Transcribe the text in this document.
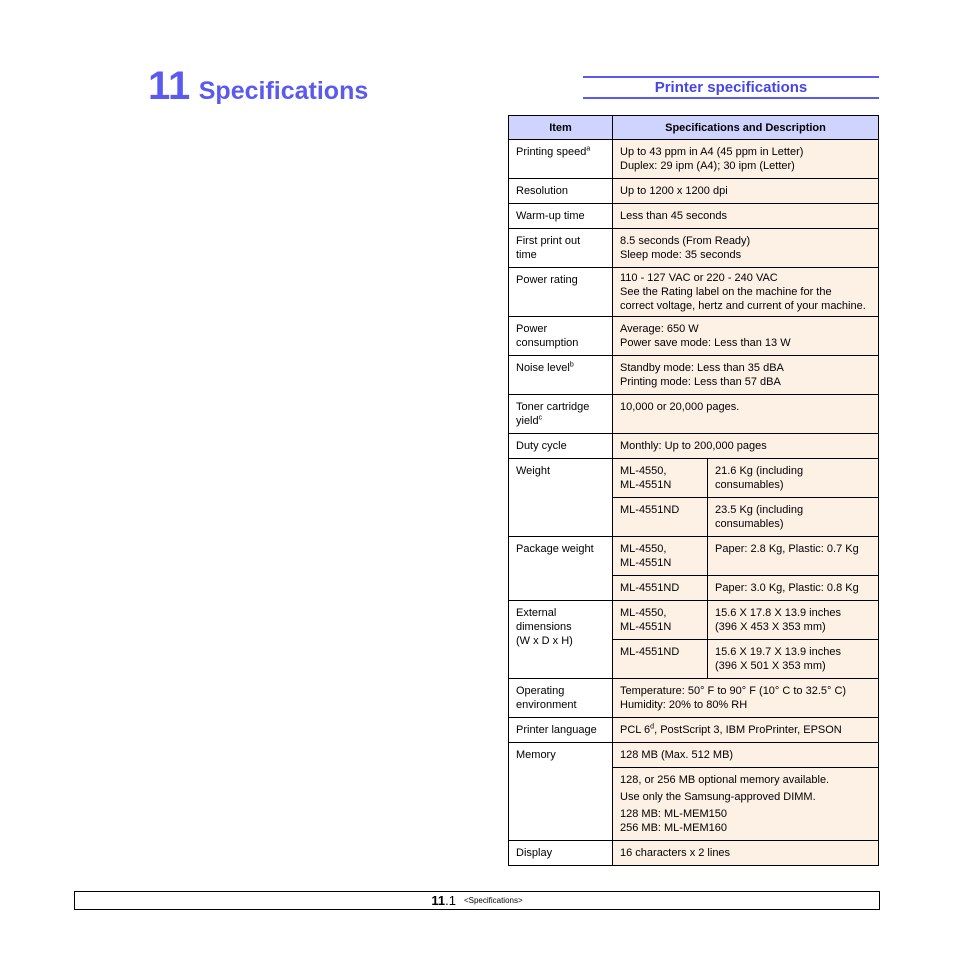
11 Specifications	Printer specifications
Item	Specifications and Description	
Printing speed$^a$	Up to 43 ppm in A4 (45 ppm in Letter)
Duplex: 29 ipm (A4); 30 ipm (Letter)	
Resolution	Up to 1200 x 1200 dpi	
Warm-up time	Less than 45 seconds	
First print out
time	8.5 seconds (From Ready)
Sleep mode: 35 seconds	
Power rating	110 - 127 VAC or 220 - 240 VAC
See the Rating label on the machine for the
correct voltage, hertz and current of your machine.	
Power
consumption	Average: 650 W
Power save mode: Less than 13 W	
Noise level$^b$	Standby mode: Less than 35 dBA
Printing mode: Less than 57 dBA	
Toner cartridge
yield$^c$	10,000 or 20,000 pages.	
Duty cycle	Monthly: Up to 200,000 pages	
Weight	ML-4550,
ML-4551N	21.6 Kg (including
consumables)
	ML-4551ND	23.5 Kg (including
consumables)
Package weight	ML-4550,
ML-4551N	Paper: 2.8 Kg, Plastic: 0.7 Kg
	ML-4551ND	Paper: 3.0 Kg, Plastic: 0.8 Kg
External
dimensions
(W x D x H)	ML-4550,
ML-4551N	15.6 X 17.8 X 13.9 inches
(396 X 453 X 353 mm)
	ML-4551ND	15.6 X 19.7 X 13.9 inches
(396 X 501 X 353 mm)
Operating
environment	Temperature: 50° F to 90° F (10° C to 32.5° C)
Humidity: 20% to 80% RH	
Printer language	PCL 6$^d$, PostScript 3, IBM ProPrinter, EPSON	
Memory	128 MB (Max. 512 MB)	

	128, or 256 MB optional memory available.

Use only the Samsung-approved DIMM.

128 MB: ML-MEM150

256 MB: ML-MEM160	

Display	16 characters x 2 lines	
11.1 <Specifications>
